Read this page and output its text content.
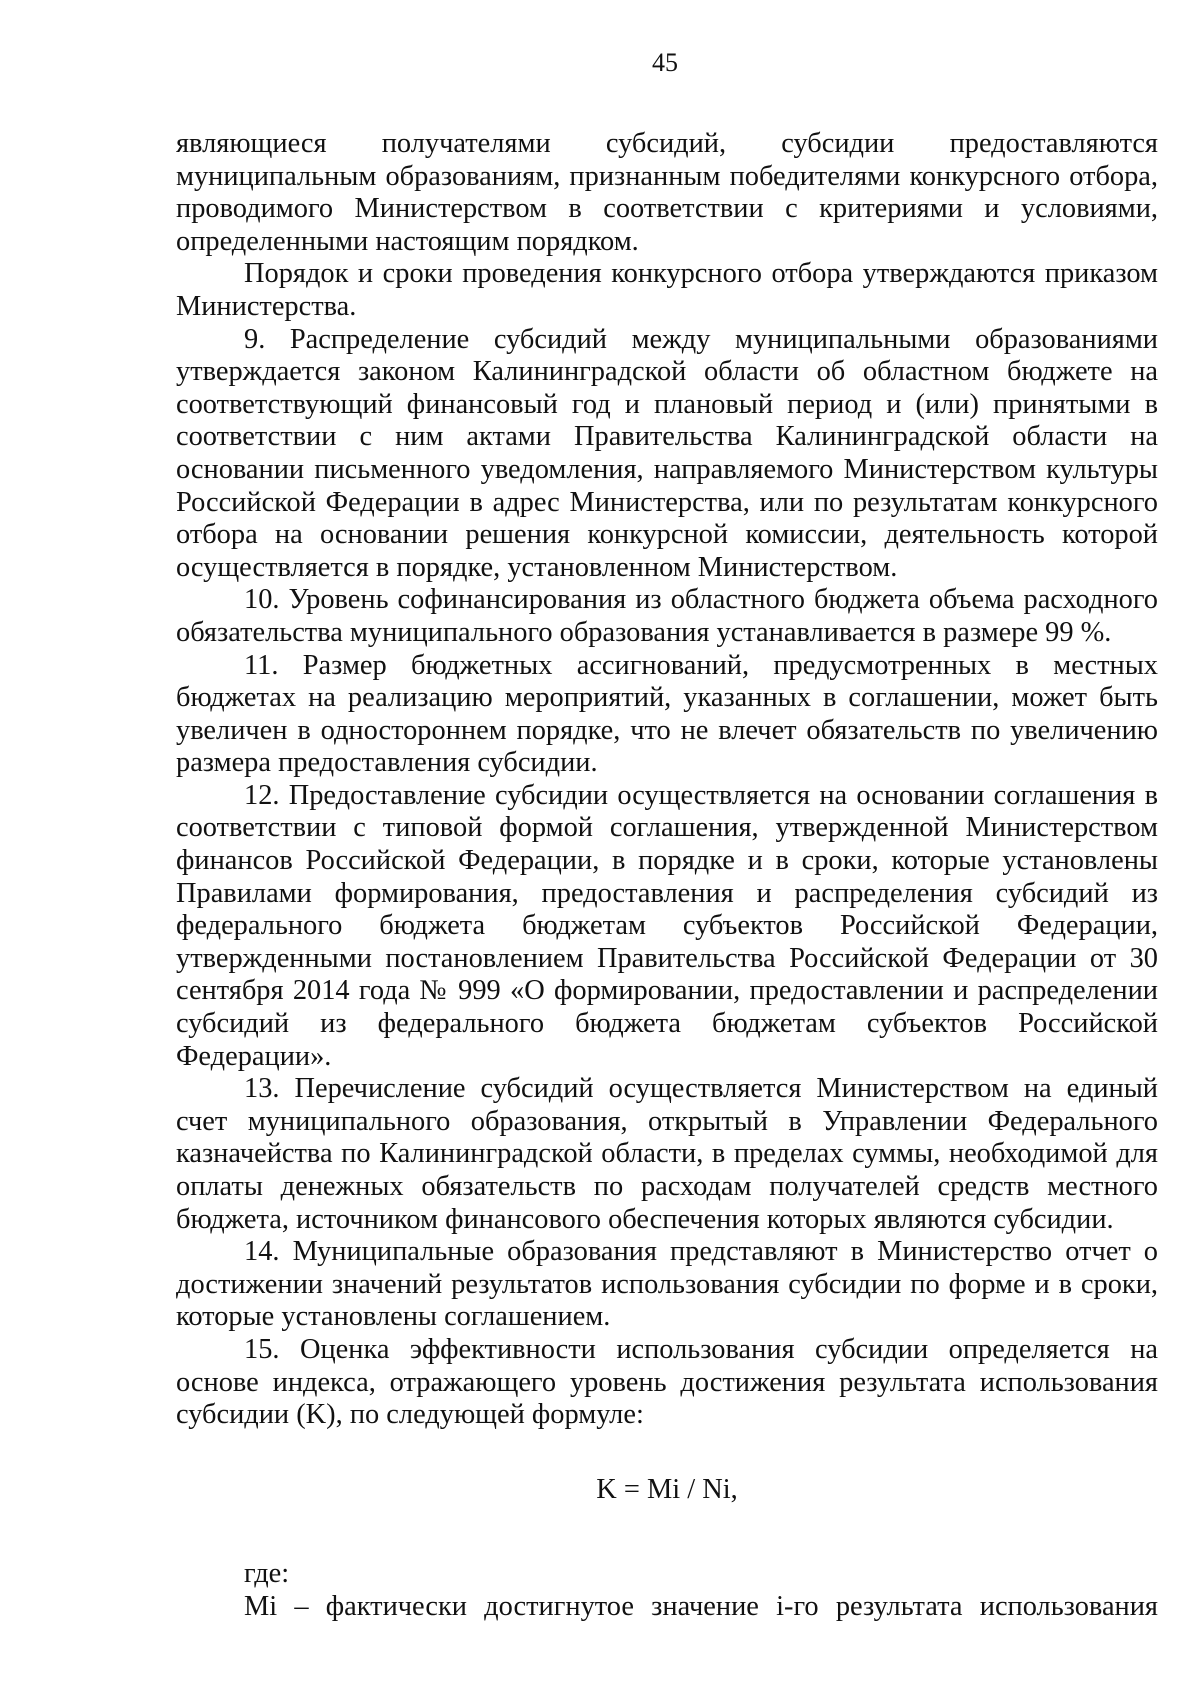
45

являющиеся получателями субсидий, субсидии предоставляются муниципальным образованиям, признанным победителями конкурсного отбора, проводимого Министерством в соответствии с критериями и условиями, определенными настоящим порядком.

Порядок и сроки проведения конкурсного отбора утверждаются приказом Министерства.

9. Распределение субсидий между муниципальными образованиями утверждается законом Калининградской области об областном бюджете на соответствующий финансовый год и плановый период и (или) принятыми в соответствии с ним актами Правительства Калининградской области на основании письменного уведомления, направляемого Министерством культуры Российской Федерации в адрес Министерства, или по результатам конкурсного отбора на основании решения конкурсной комиссии, деятельность которой осуществляется в порядке, установленном Министерством.

10. Уровень софинансирования из областного бюджета объема расходного обязательства муниципального образования устанавливается в размере 99 %.

11. Размер бюджетных ассигнований, предусмотренных в местных бюджетах на реализацию мероприятий, указанных в соглашении, может быть увеличен в одностороннем порядке, что не влечет обязательств по увеличению размера предоставления субсидии.

12. Предоставление субсидии осуществляется на основании соглашения в соответствии с типовой формой соглашения, утвержденной Министерством финансов Российской Федерации, в порядке и в сроки, которые установлены Правилами формирования, предоставления и распределения субсидий из федерального бюджета бюджетам субъектов Российской Федерации, утвержденными постановлением Правительства Российской Федерации от 30 сентября 2014 года № 999 «О формировании, предоставлении и распределении субсидий из федерального бюджета бюджетам субъектов Российской Федерации».

13. Перечисление субсидий осуществляется Министерством на единый счет муниципального образования, открытый в Управлении Федерального казначейства по Калининградской области, в пределах суммы, необходимой для оплаты денежных обязательств по расходам получателей средств местного бюджета, источником финансового обеспечения которых являются субсидии.

14. Муниципальные образования представляют в Министерство отчет о достижении значений результатов использования субсидии по форме и в сроки, которые установлены соглашением.

15. Оценка эффективности использования субсидии определяется на основе индекса, отражающего уровень достижения результата использования субсидии (K), по следующей формуле:

K = Mi / Ni,

где:

Mi – фактически достигнутое значение i-го результата использования
